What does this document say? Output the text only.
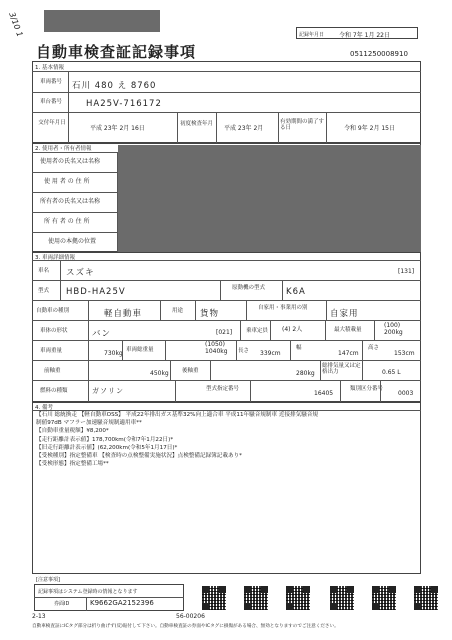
3/10 1	記録年月日 令和 7年 1月 22日
自動車検査証記録事項	0511250008910
1. 基本情報
車両番号 石川 480 え 8760
車台番号	HA25V-716172
交付年月日
平成 23年 2月 16日
初度検査年月
平成 23年 2月
有効期間の満了する日	令和 9年 2月 15日
2. 使用者・所有者情報
使用者の氏名又は名称
使 用 者 の 住 所
所有者の氏名又は名称
所 有 者 の 住 所
使用の本拠の位置
3. 車両詳細情報
車名 スズキ	[131]
型式 HBD-HA25V	原動機の型式 K6A
自動車の種別	軽自動車	用途 貨物
自家用・事業用の別
自家用
車体の形状	バン	[021]	乗車定員 (4) 2人	最大積載量
(100) 200kg
車両重量	730kg 車両総重量
(1050) 1040kg	長さ 339cm
幅
147cm
高さ
153cm
前軸重	450kg 後軸重	280kg
総排気量又は定格出力	0.65 L
燃料の種類	ガソリン	型式指定番号
16405
類別区分番号
0003
4. 備考
【石川 総統換走 【軽自動車OSS】 平成22年排出ガス基準32%向上適合車 平成11年騒音規制車 近接排気騒音規
制値97dB マフラー加速騒音規制適用車**
【自動車重量税額】¥8,200*
【走行距離計表示値】178,700km(令和7年1月22日)*
【旧走行距離計表示値】(62,200km(令和5年1月17日)*
【受検種別】指定整備車 【検査時の点検整備実施状況】点検整備記録簿記載あり*
【受検形態】指定整備工場**
[注意事項]
記録事項はシステム登録時の情報となります
券面ID	K9662GA2152396
2-13	56-00206
自動車検査証にICタグ部分は折り曲げず(反)貼付して下さい。自動車検査証の券面やICタグに損傷がある場合、無効となりますのでご注意ください。
